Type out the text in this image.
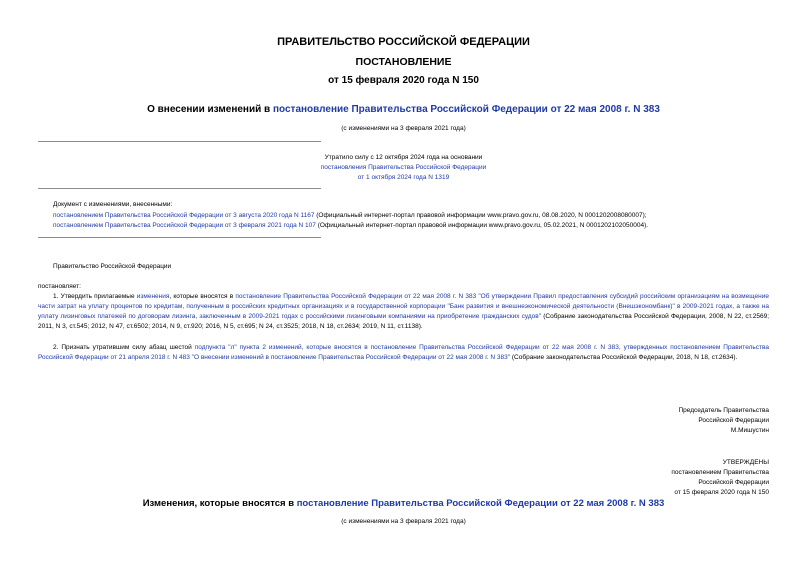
ПРАВИТЕЛЬСТВО РОССИЙСКОЙ ФЕДЕРАЦИИ
ПОСТАНОВЛЕНИЕ
от 15 февраля 2020 года N 150
О внесении изменений в постановление Правительства Российской Федерации от 22 мая 2008 г. N 383
(с изменениями на 3 февраля 2021 года)
Утратило силу с 12 октября 2024 года на основании
постановления Правительства Российской Федерации
от 1 октября 2024 года N 1319
Документ с изменениями, внесенными:
постановлением Правительства Российской Федерации от 3 августа 2020 года N 1167 (Официальный интернет-портал правовой информации www.pravo.gov.ru, 08.08.2020, N 0001202008080007);
постановлением Правительства Российской Федерации от 3 февраля 2021 года N 107 (Официальный интернет-портал правовой информации www.pravo.gov.ru, 05.02.2021, N 0001202102050004).
Правительство Российской Федерации
постановляет:
1. Утвердить прилагаемые изменения, которые вносятся в постановление Правительства Российской Федерации от 22 мая 2008 г. N 383 "Об утверждении Правил предоставления субсидий российским организациям на возмещение части затрат на уплату процентов по кредитам, полученным в российских кредитных организациях и в государственной корпорации "Банк развития и внешнеэкономической деятельности (Внешэкономбанк)" в 2009-2021 годах, а также на уплату лизинговых платежей по договорам лизинга, заключенным в 2009-2021 годах с российскими лизинговыми компаниями на приобретение гражданских судов" (Собрание законодательства Российской Федерации, 2008, N 22, ст.2569; 2011, N 3, ст.545; 2012, N 47, ст.6502; 2014, N 9, ст.920; 2016, N 5, ст.695; N 24, ст.3525; 2018, N 18, ст.2634; 2019, N 11, ст.1138).
2. Признать утратившим силу абзац шестой подпункта "л" пункта 2 изменений, которые вносятся в постановление Правительства Российской Федерации от 22 мая 2008 г. N 383, утвержденных постановлением Правительства Российской Федерации от 21 апреля 2018 г. N 483 "О внесении изменений в постановление Правительства Российской Федерации от 22 мая 2008 г. N 383" (Собрание законодательства Российской Федерации, 2018, N 18, ст.2634).
Председатель Правительства
Российской Федерации
М.Мишустин
УТВЕРЖДЕНЫ
постановлением Правительства
Российской Федерации
от 15 февраля 2020 года N 150
Изменения, которые вносятся в постановление Правительства Российской Федерации от 22 мая 2008 г. N 383
(с изменениями на 3 февраля 2021 года)
